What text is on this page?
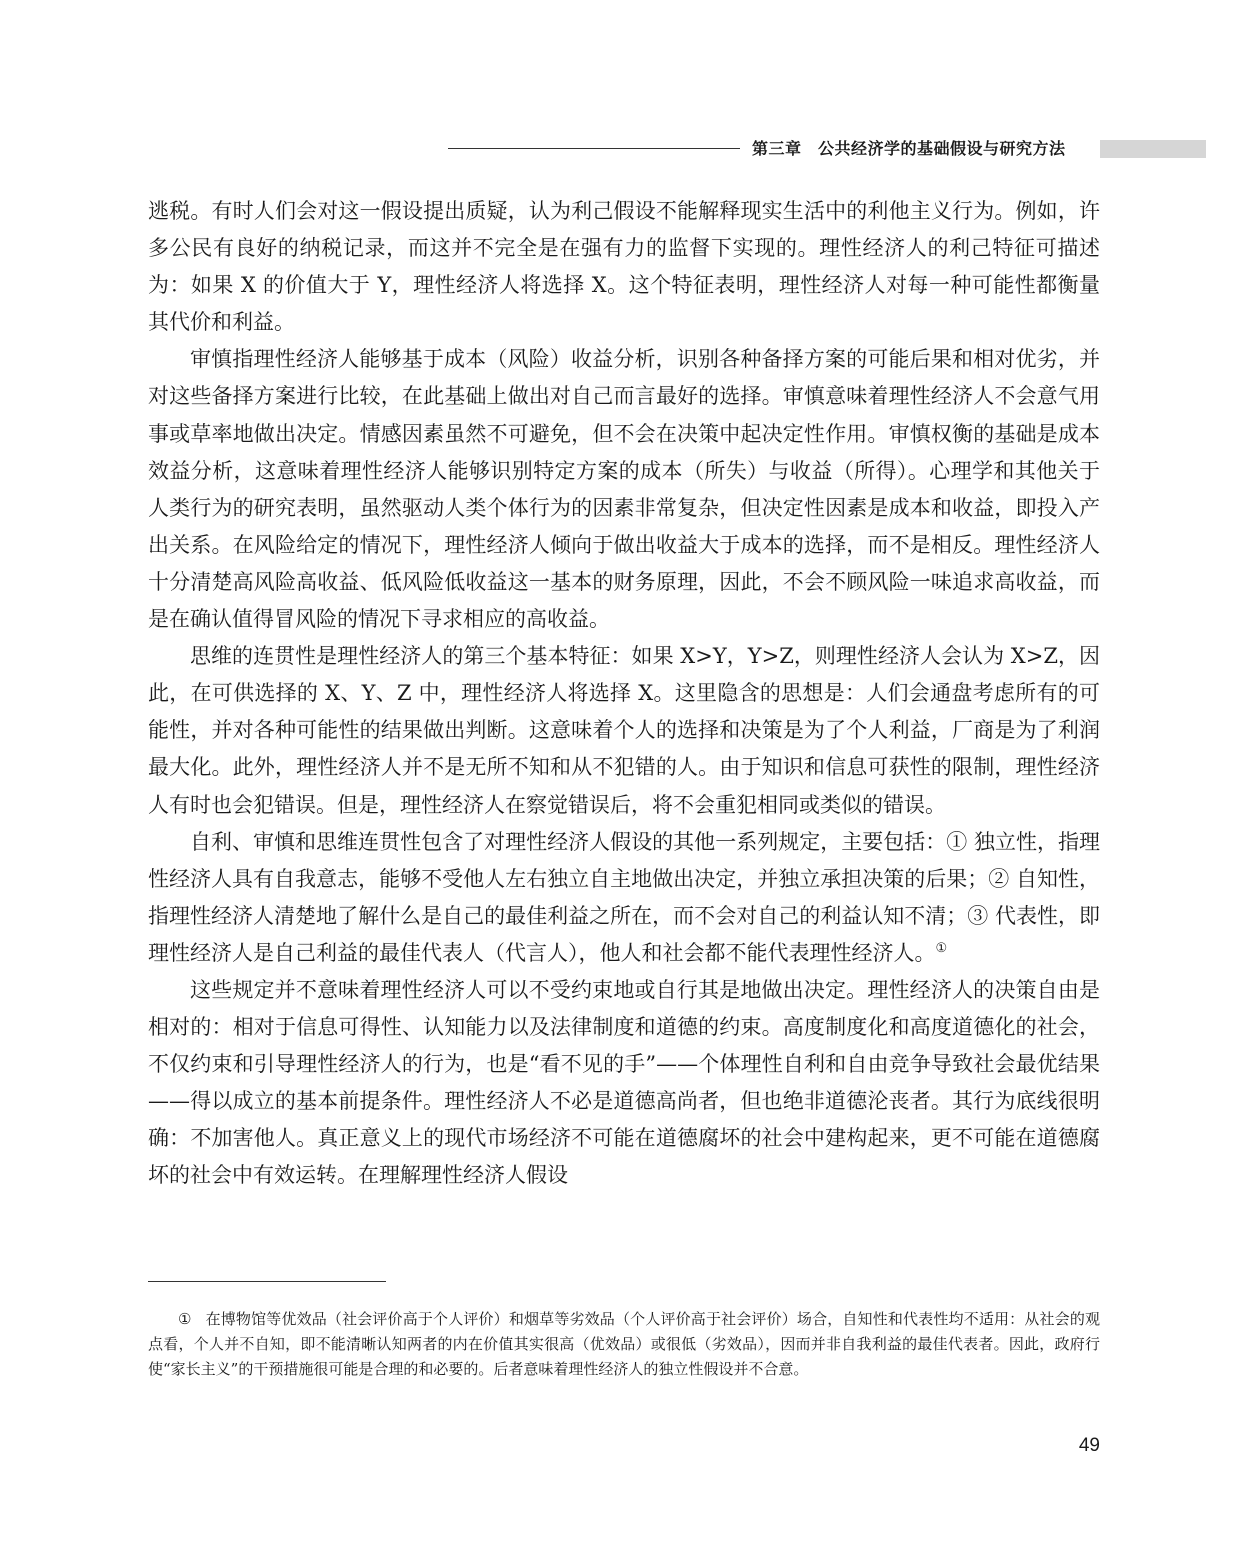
第三章　公共经济学的基础假设与研究方法

逃税。有时人们会对这一假设提出质疑，认为利己假设不能解释现实生活中的利他主义行为。例如，许多公民有良好的纳税记录，而这并不完全是在强有力的监督下实现的。理性经济人的利己特征可描述为：如果 X 的价值大于 Y，理性经济人将选择 X。这个特征表明，理性经济人对每一种可能性都衡量其代价和利益。

审慎指理性经济人能够基于成本（风险）收益分析，识别各种备择方案的可能后果和相对优劣，并对这些备择方案进行比较，在此基础上做出对自己而言最好的选择。审慎意味着理性经济人不会意气用事或草率地做出决定。情感因素虽然不可避免，但不会在决策中起决定性作用。审慎权衡的基础是成本效益分析，这意味着理性经济人能够识别特定方案的成本（所失）与收益（所得）。心理学和其他关于人类行为的研究表明，虽然驱动人类个体行为的因素非常复杂，但决定性因素是成本和收益，即投入产出关系。在风险给定的情况下，理性经济人倾向于做出收益大于成本的选择，而不是相反。理性经济人十分清楚高风险高收益、低风险低收益这一基本的财务原理，因此，不会不顾风险一味追求高收益，而是在确认值得冒风险的情况下寻求相应的高收益。

思维的连贯性是理性经济人的第三个基本特征：如果 X>Y，Y>Z，则理性经济人会认为 X>Z，因此，在可供选择的 X、Y、Z 中，理性经济人将选择 X。这里隐含的思想是：人们会通盘考虑所有的可能性，并对各种可能性的结果做出判断。这意味着个人的选择和决策是为了个人利益，厂商是为了利润最大化。此外，理性经济人并不是无所不知和从不犯错的人。由于知识和信息可获性的限制，理性经济人有时也会犯错误。但是，理性经济人在察觉错误后，将不会重犯相同或类似的错误。

自利、审慎和思维连贯性包含了对理性经济人假设的其他一系列规定，主要包括：① 独立性，指理性经济人具有自我意志，能够不受他人左右独立自主地做出决定，并独立承担决策的后果；② 自知性，指理性经济人清楚地了解什么是自己的最佳利益之所在，而不会对自己的利益认知不清；③ 代表性，即理性经济人是自己利益的最佳代表人（代言人），他人和社会都不能代表理性经济人。①

这些规定并不意味着理性经济人可以不受约束地或自行其是地做出决定。理性经济人的决策自由是相对的：相对于信息可得性、认知能力以及法律制度和道德的约束。高度制度化和高度道德化的社会，不仅约束和引导理性经济人的行为，也是“看不见的手”——个体理性自利和自由竞争导致社会最优结果——得以成立的基本前提条件。理性经济人不必是道德高尚者，但也绝非道德沦丧者。其行为底线很明确：不加害他人。真正意义上的现代市场经济不可能在道德腐坏的社会中建构起来，更不可能在道德腐坏的社会中有效运转。在理解理性经济人假设

① 在博物馆等优效品（社会评价高于个人评价）和烟草等劣效品（个人评价高于社会评价）场合，自知性和代表性均不适用：从社会的观点看，个人并不自知，即不能清晰认知两者的内在价值其实很高（优效品）或很低（劣效品），因而并非自我利益的最佳代表者。因此，政府行使“家长主义”的干预措施很可能是合理的和必要的。后者意味着理性经济人的独立性假设并不合意。

49
